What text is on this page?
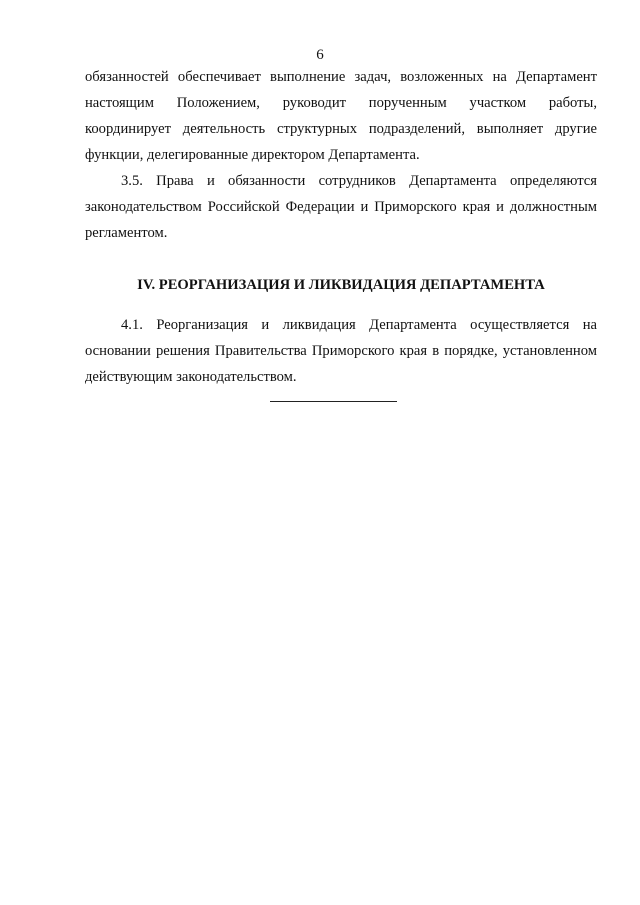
6
обязанностей обеспечивает выполнение задач, возложенных на Департамент
настоящим Положением, руководит порученным участком работы,
координирует деятельность структурных подразделений, выполняет другие
функции, делегированные директором Департамента.
3.5. Права и обязанности сотрудников Департамента определяются
законодательством Российской Федерации и Приморского края и должностным
регламентом.
IV. РЕОРГАНИЗАЦИЯ И ЛИКВИДАЦИЯ ДЕПАРТАМЕНТА
4.1. Реорганизация и ликвидация Департамента осуществляется на
основании решения Правительства Приморского края в порядке, установленном
действующим законодательством.
